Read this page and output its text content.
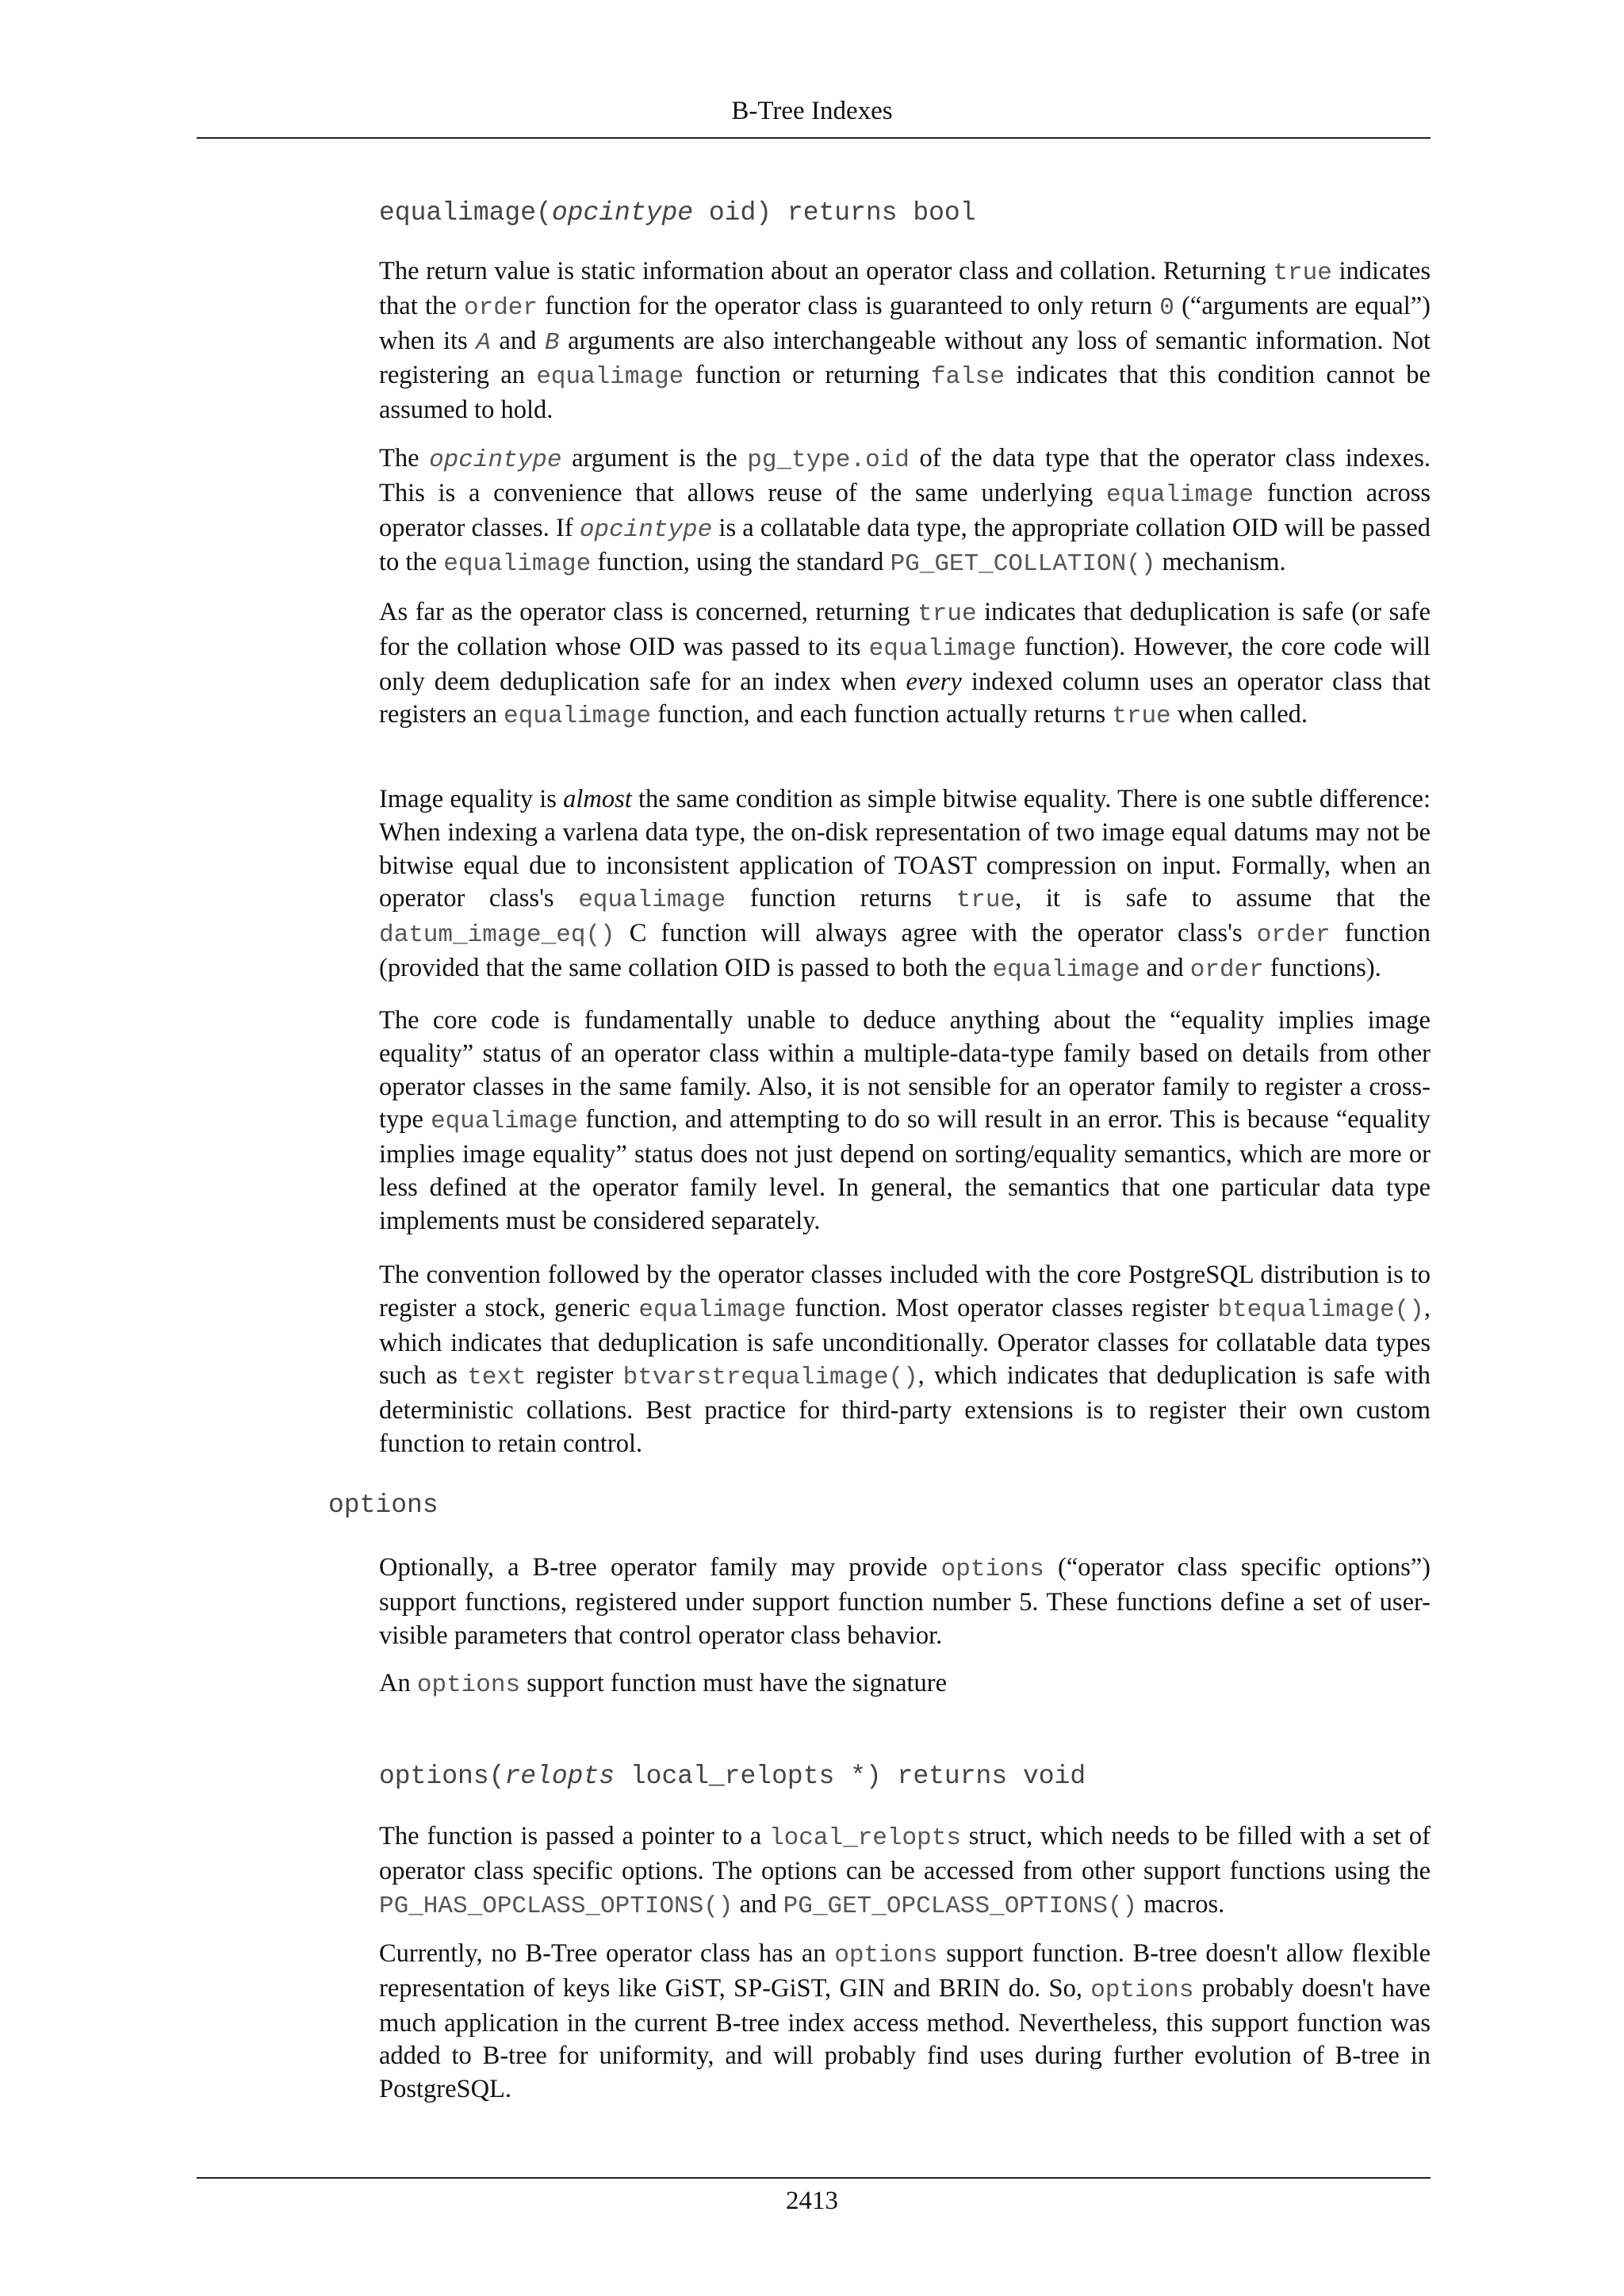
B-Tree Indexes
equalimage(opcintype oid) returns bool

The return value is static information about an operator class and collation. Returning true indicates that the order function for the operator class is guaranteed to only return 0 (“arguments are equal”) when its A and B arguments are also interchangeable without any loss of semantic information. Not registering an equalimage function or returning false indicates that this condition cannot be assumed to hold.

The opcintype argument is the pg_type.oid of the data type that the operator class indexes. This is a convenience that allows reuse of the same underlying equalimage function across operator classes. If opcintype is a collatable data type, the appropriate collation OID will be passed to the equalimage function, using the standard PG_GET_COLLATION() mechanism.

As far as the operator class is concerned, returning true indicates that deduplication is safe (or safe for the collation whose OID was passed to its equalimage function). However, the core code will only deem deduplication safe for an index when every indexed column uses an operator class that registers an equalimage function, and each function actually returns true when called.

Image equality is almost the same condition as simple bitwise equality. There is one subtle difference: When indexing a varlena data type, the on-disk representation of two image equal datums may not be bitwise equal due to inconsistent application of TOAST compression on input. Formally, when an operator class's equalimage function returns true, it is safe to assume that the datum_image_eq() C function will always agree with the operator class's order function (provided that the same collation OID is passed to both the equalimage and order functions).

The core code is fundamentally unable to deduce anything about the “equality implies image equality” status of an operator class within a multiple-data-type family based on details from other operator classes in the same family. Also, it is not sensible for an operator family to register a cross-type equalimage function, and attempting to do so will result in an error. This is because “equality implies image equality” status does not just depend on sorting/equality semantics, which are more or less defined at the operator family level. In general, the semantics that one particular data type implements must be considered separately.

The convention followed by the operator classes included with the core PostgreSQL distribution is to register a stock, generic equalimage function. Most operator classes register btequalimage(), which indicates that deduplication is safe unconditionally. Operator classes for collatable data types such as text register btvarstrequalimage(), which indicates that deduplication is safe with deterministic collations. Best practice for third-party extensions is to register their own custom function to retain control.

options

Optionally, a B-tree operator family may provide options (“operator class specific options”) support functions, registered under support function number 5. These functions define a set of user-visible parameters that control operator class behavior.

An options support function must have the signature

options(relopts local_relopts *) returns void

The function is passed a pointer to a local_relopts struct, which needs to be filled with a set of operator class specific options. The options can be accessed from other support functions using the PG_HAS_OPCLASS_OPTIONS() and PG_GET_OPCLASS_OPTIONS() macros.

Currently, no B-Tree operator class has an options support function. B-tree doesn't allow flexible representation of keys like GiST, SP-GiST, GIN and BRIN do. So, options probably doesn't have much application in the current B-tree index access method. Nevertheless, this support function was added to B-tree for uniformity, and will probably find uses during further evolution of B-tree in PostgreSQL.

2413
